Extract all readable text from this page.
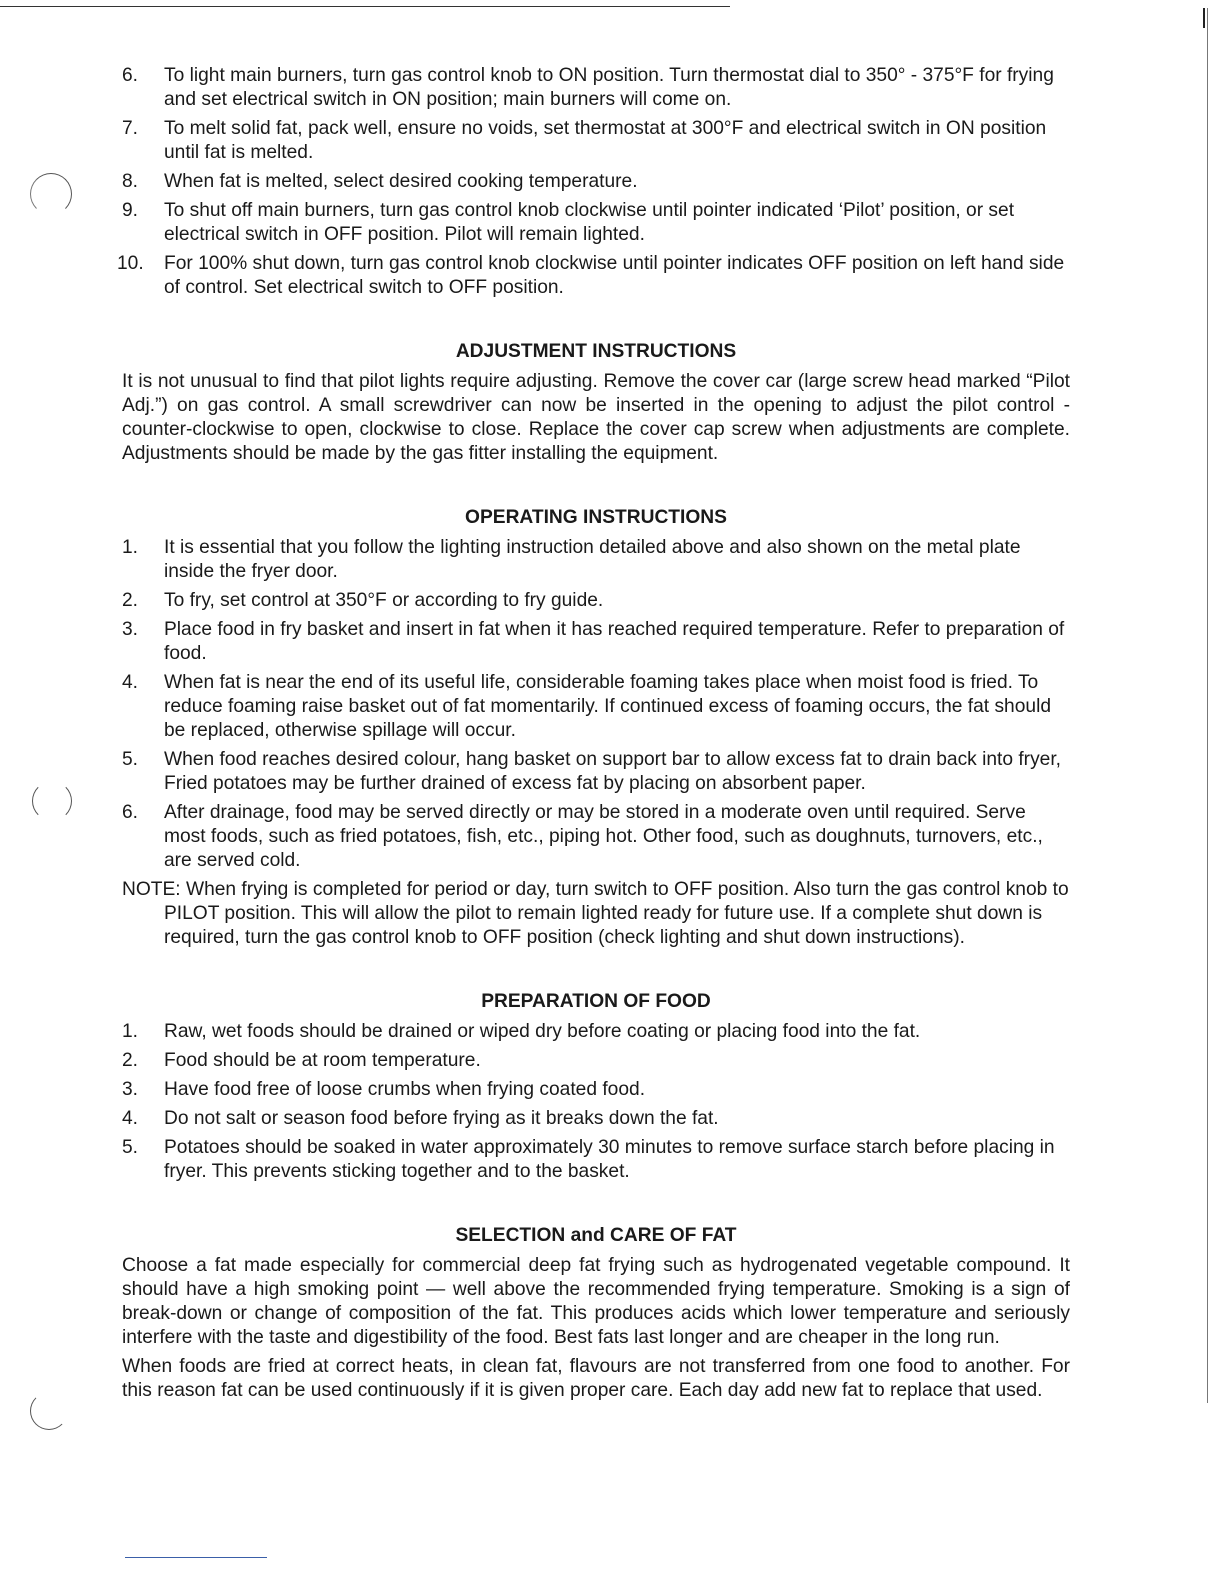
6. To light main burners, turn gas control knob to ON position. Turn thermostat dial to 350° - 375°F for frying and set electrical switch in ON position; main burners will come on.
7. To melt solid fat, pack well, ensure no voids, set thermostat at 300°F and electrical switch in ON position until fat is melted.
8. When fat is melted, select desired cooking temperature.
9. To shut off main burners, turn gas control knob clockwise until pointer indicated ‘Pilot’ position, or set electrical switch in OFF position. Pilot will remain lighted.
10. For 100% shut down, turn gas control knob clockwise until pointer indicates OFF position on left hand side of control. Set electrical switch to OFF position.
ADJUSTMENT INSTRUCTIONS
It is not unusual to find that pilot lights require adjusting. Remove the cover car (large screw head marked “Pilot Adj.”) on gas control. A small screwdriver can now be inserted in the opening to adjust the pilot control - counter-clockwise to open, clockwise to close. Replace the cover cap screw when adjustments are complete. Adjustments should be made by the gas fitter installing the equipment.
OPERATING INSTRUCTIONS
1. It is essential that you follow the lighting instruction detailed above and also shown on the metal plate inside the fryer door.
2. To fry, set control at 350°F or according to fry guide.
3. Place food in fry basket and insert in fat when it has reached required temperature. Refer to preparation of food.
4. When fat is near the end of its useful life, considerable foaming takes place when moist food is fried. To reduce foaming raise basket out of fat momentarily. If continued excess of foaming occurs, the fat should be replaced, otherwise spillage will occur.
5. When food reaches desired colour, hang basket on support bar to allow excess fat to drain back into fryer, Fried potatoes may be further drained of excess fat by placing on absorbent paper.
6. After drainage, food may be served directly or may be stored in a moderate oven until required. Serve most foods, such as fried potatoes, fish, etc., piping hot. Other food, such as doughnuts, turnovers, etc., are served cold.
NOTE: When frying is completed for period or day, turn switch to OFF position. Also turn the gas control knob to PILOT position. This will allow the pilot to remain lighted ready for future use. If a complete shut down is required, turn the gas control knob to OFF position (check lighting and shut down instructions).
PREPARATION OF FOOD
1. Raw, wet foods should be drained or wiped dry before coating or placing food into the fat.
2. Food should be at room temperature.
3. Have food free of loose crumbs when frying coated food.
4. Do not salt or season food before frying as it breaks down the fat.
5. Potatoes should be soaked in water approximately 30 minutes to remove surface starch before placing in fryer. This prevents sticking together and to the basket.
SELECTION and CARE OF FAT
Choose a fat made especially for commercial deep fat frying such as hydrogenated vegetable compound. It should have a high smoking point — well above the recommended frying temperature. Smoking is a sign of break-down or change of composition of the fat. This produces acids which lower temperature and seriously interfere with the taste and digestibility of the food. Best fats last longer and are cheaper in the long run.
When foods are fried at correct heats, in clean fat, flavours are not transferred from one food to another. For this reason fat can be used continuously if it is given proper care. Each day add new fat to replace that used.
